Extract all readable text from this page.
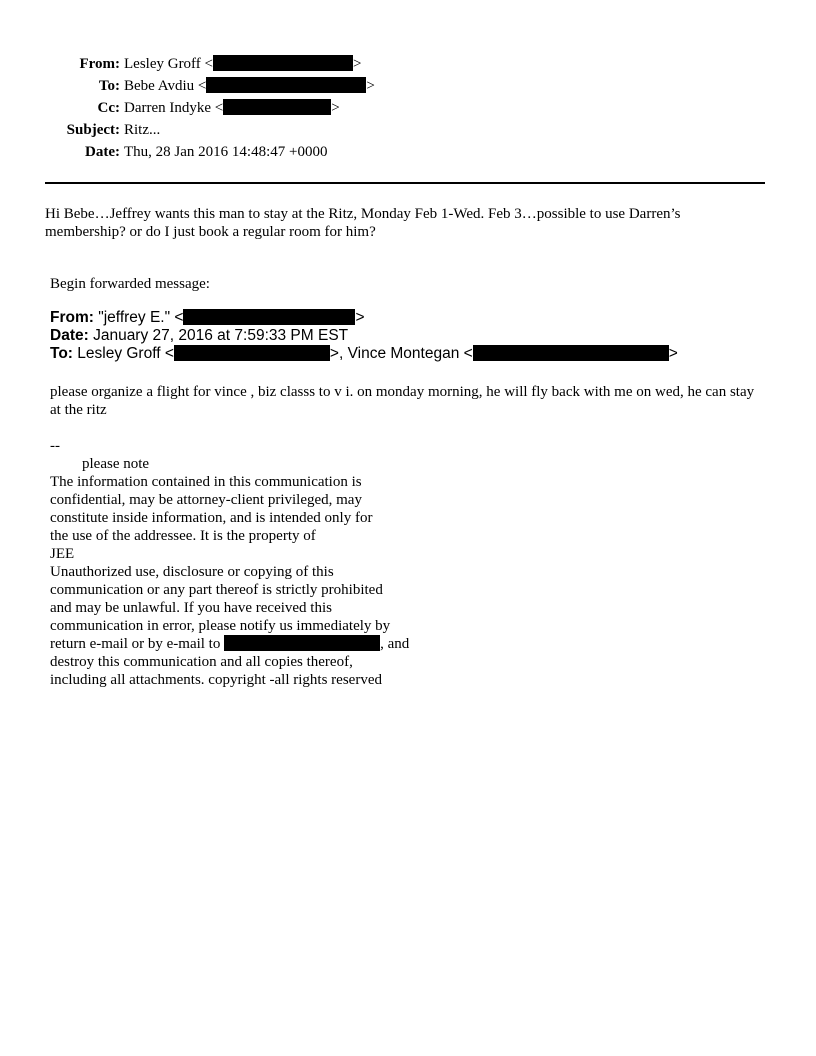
From: Lesley Groff <	>
To: Bebe Avdiu <	>
Cc: Darren Indyke <	>
Subject: Ritz...
Date: Thu, 28 Jan 2016 14:48:47 +0000
Hi Bebe…Jeffrey wants this man to stay at the Ritz, Monday Feb 1-Wed. Feb 3…possible to use Darren’s membership? or do I just book a regular room for him?
Begin forwarded message:
From: "jeffrey E." <	>
Date: January 27, 2016 at 7:59:33 PM EST
To: Lesley Groff <	>, Vince Montegan <	>
please organize a flight for vince , biz classs to v i. on monday morning, he will fly back with me on wed, he can stay at the ritz
--
please note
The information contained in this communication is
confidential, may be attorney-client privileged, may
constitute inside information, and is intended only for
the use of the addressee. It is the property of
JEE
Unauthorized use, disclosure or copying of this
communication or any part thereof is strictly prohibited
and may be unlawful. If you have received this
communication in error, please notify us immediately by
return e-mail or by e-mail to	, and
destroy this communication and all copies thereof,
including all attachments. copyright -all rights reserved
